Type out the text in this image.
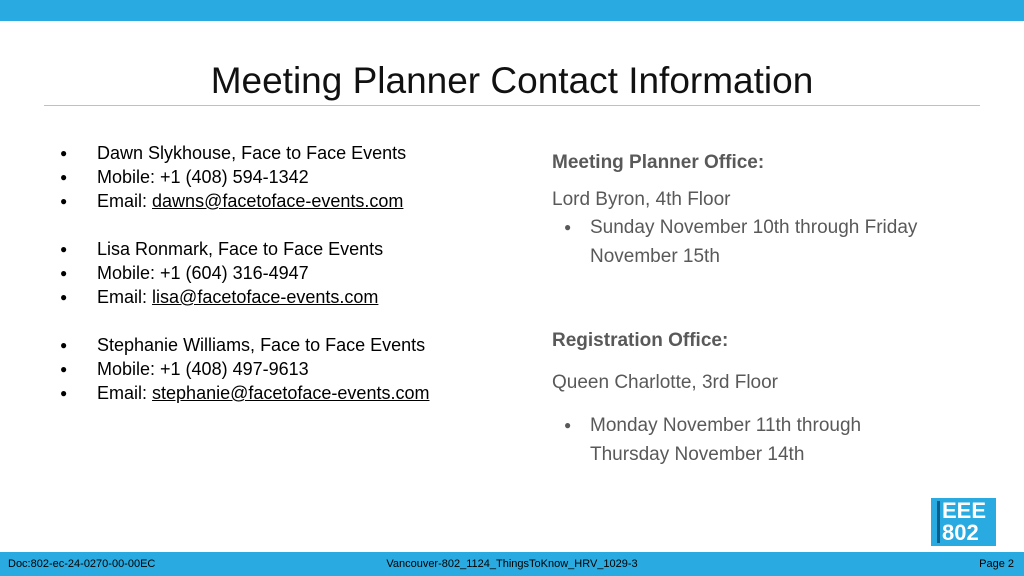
Meeting Planner Contact Information
● Dawn Slykhouse, Face to Face Events
● Mobile: +1 (408) 594-1342
● Email: dawns@facetoface-events.com
● Lisa Ronmark, Face to Face Events
● Mobile: +1 (604) 316-4947
● Email: lisa@facetoface-events.com
● Stephanie Williams, Face to Face Events
● Mobile: +1 (408) 497-9613
● Email: stephanie@facetoface-events.com
Meeting Planner Office:
Lord Byron, 4th Floor
● Sunday November 10th through Friday
November 15th
Registration Office:
Queen Charlotte, 3rd Floor
● Monday November 11th through
Thursday November 14th
EEE
802
Vancouver-802_1124_ThingsToKnow_HRV_1029-3
Doc:802-ec-24-0270-00-00EC	Page 2
